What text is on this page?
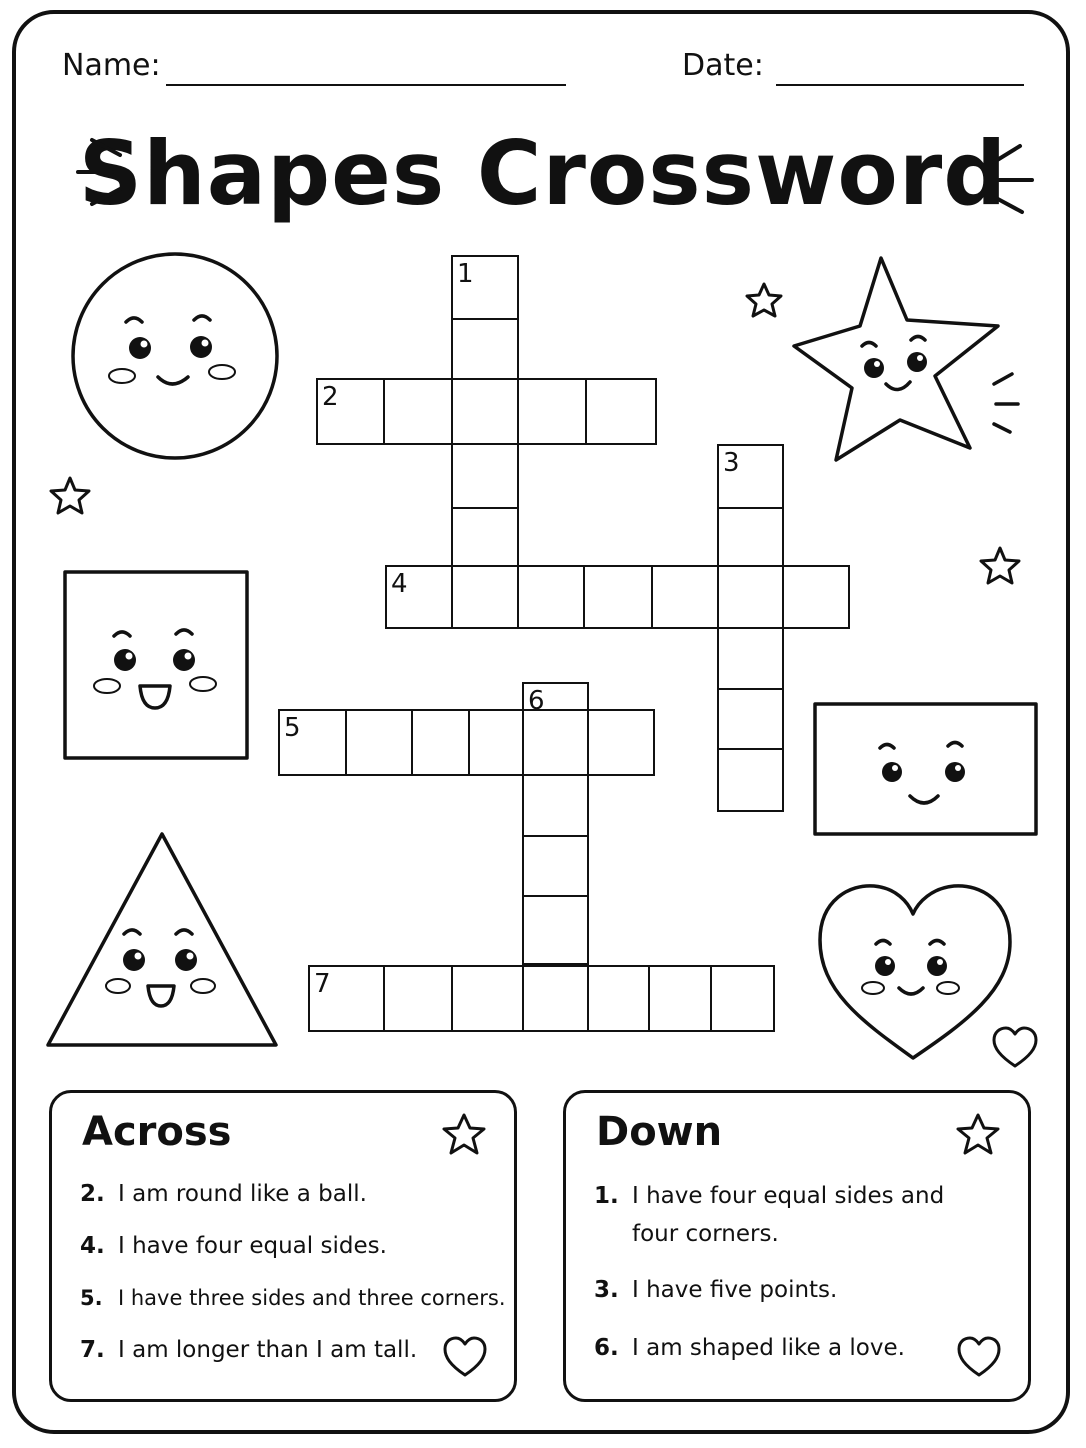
Name:	Date:
Shapes Crossword
1
2
3
4
5
6
7
Across
2. I am round like a ball.
4. I have four equal sides.
5. I have three sides and three corners.
7. I am longer than I am tall.
Down
1. I have four equal sides and four corners.
3. I have five points.
6. I am shaped like a love.
